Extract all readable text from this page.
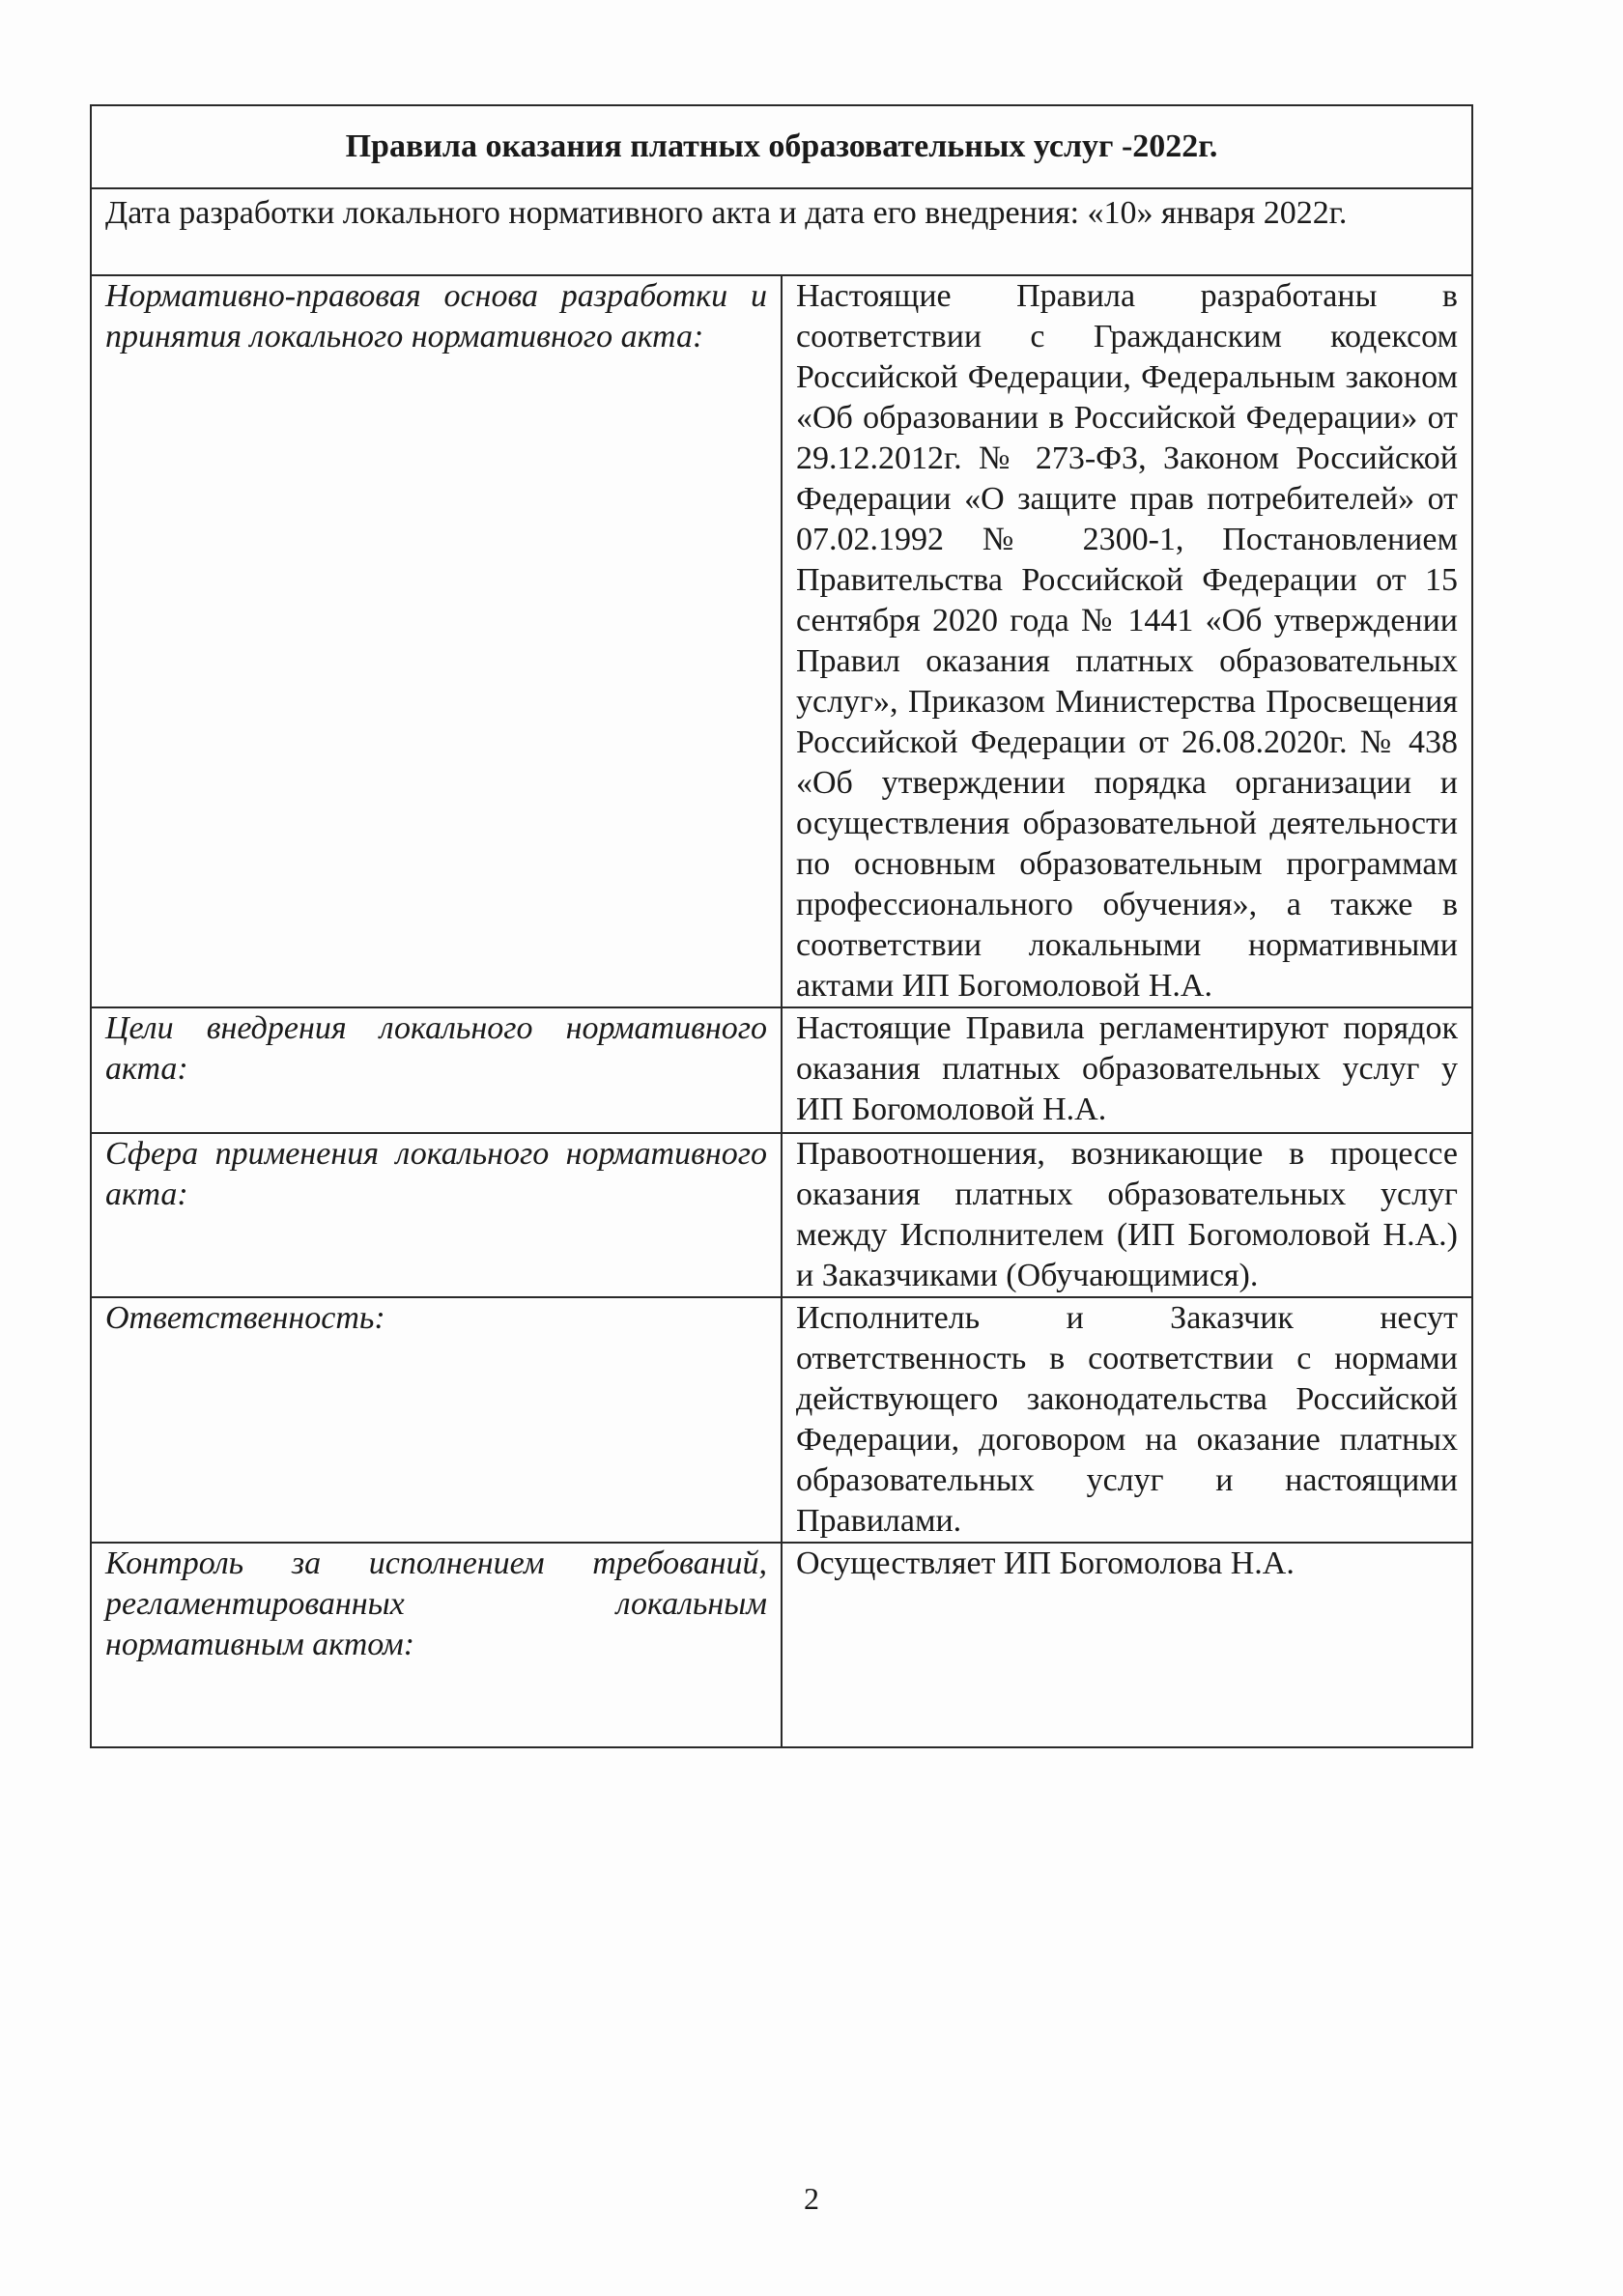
Правила оказания платных образовательных услуг -2022г.	
Дата разработки локального нормативного акта и дата его внедрения: «10» января 2022г.	
Нормативно-правовая основа разработки и принятия локального нормативного акта:	Настоящие Правила разработаны в соответствии с Гражданским кодексом Российской Федерации, Федеральным законом «Об образовании в Российской Федерации» от 29.12.2012г. № 273-ФЗ, Законом Российской Федерации «О защите прав потребителей» от 07.02.1992 № 2300-1, Постановлением Правительства Российской Федерации от 15 сентября 2020 года № 1441 «Об утверждении Правил оказания платных образовательных услуг», Приказом Министерства Просвещения Российской Федерации от 26.08.2020г. № 438 «Об утверждении порядка организации и осуществления образовательной деятельности по основным образовательным программам профессионального обучения», а также в соответствии локальными нормативными актами ИП Богомоловой Н.А.
Цели внедрения локального нормативного акта:	Настоящие Правила регламентируют порядок оказания платных образовательных услуг у ИП Богомоловой Н.А.
Сфера применения локального нормативного акта:	Правоотношения, возникающие в процессе оказания платных образовательных услуг между Исполнителем (ИП Богомоловой Н.А.) и Заказчиками (Обучающимися).
Ответственность:	Исполнитель и Заказчик несут ответственность в соответствии с нормами действующего законодательства Российской Федерации, договором на оказание платных образовательных услуг и настоящими Правилами.
Контроль за исполнением требований, регламентированных локальным нормативным актом:	Осуществляет ИП Богомолова Н.А.
2
